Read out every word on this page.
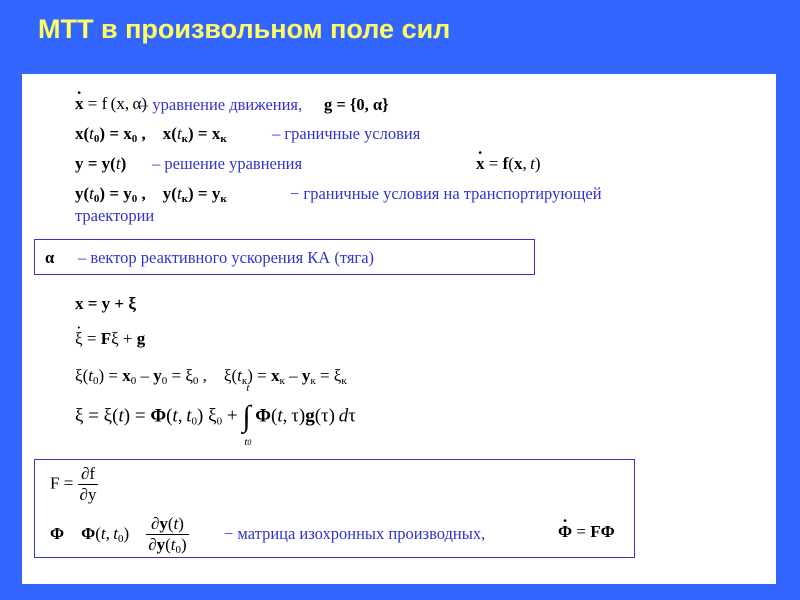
МТТ в произвольном поле сил
x · = f (x, α)
– уравнение движения, g = {0, α}
$x(t_0) = x_0$ ,    $x(t_к) = x_к$	– граничные условия
y = y(t) – решение уравнения	x · = f(x, t)
$y(t_0) = y_0$ ,    $y(t_к) = y_к$	− граничные условия на транспортирующей
траектории
α – вектор реактивного ускорения КА (тяга)
x = y + ξ
ξ · = Fξ + g
$\xi(t_0) = x_0 - y_0 = \xi_0$ ,    $\xi(t_к) = x_к - y_к = \xi_к$
ξ = ξ(t) = Φ(t, $t_0$) $\xi_0$ + ∫
t
t0
Φ(t, τ)g(τ) dτ
$F = \frac{\partial f}{\partial y}$
Φ Φ(t, $t_0) \frac{\partial y(t)}{\partial y(t_0)}$ − матрица изохронных производных,	Φ · = FΦ
